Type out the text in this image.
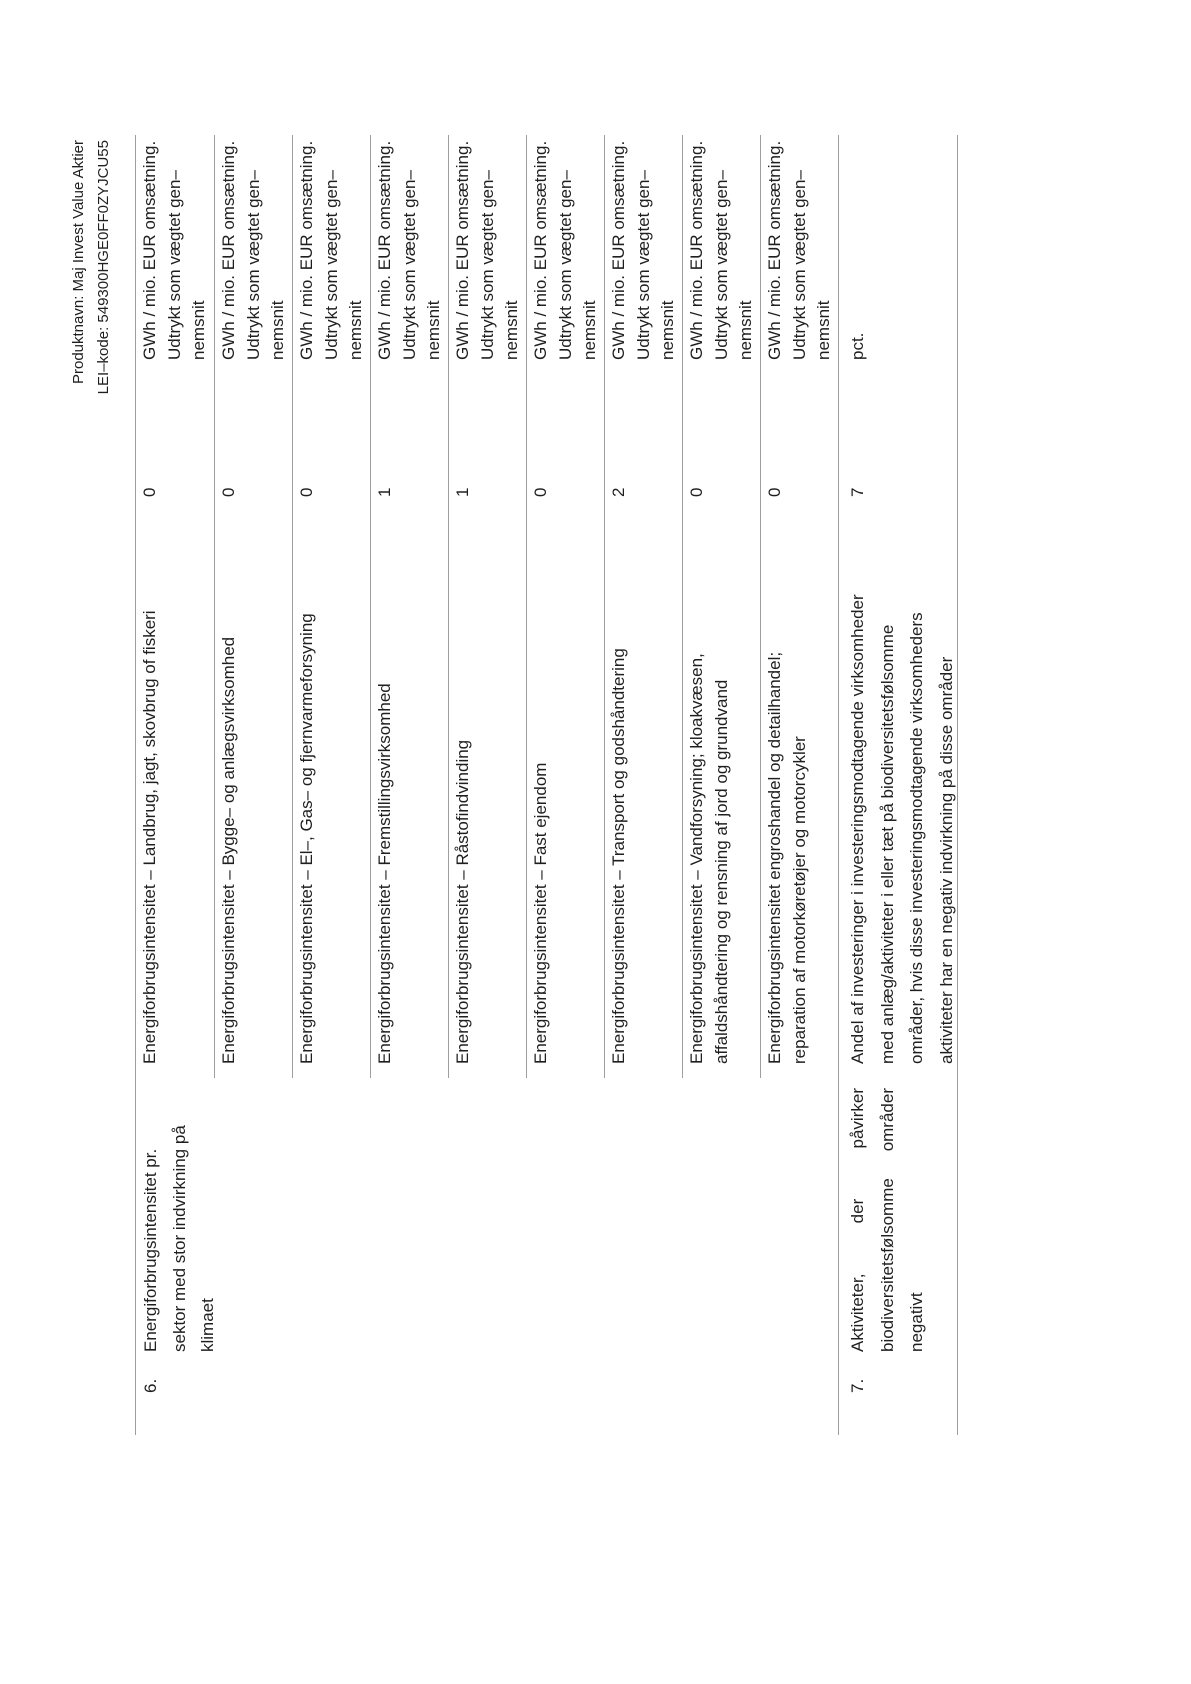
Produktnavn: Maj Invest Value Aktier LEI–kode: 549300HGE0FF0ZYJCU55
6.
Energiforbrugsintensitet pr. sektor med stor indvirkning på klimaet
Energiforbrugsintensitet – Landbrug, jagt, skovbrug of fiskeri
0
GWh / mio. EUR omsætning. Udtrykt som vægtet gen– nemsnit
Energiforbrugsintensitet – Bygge– og anlægsvirksomhed
0
GWh / mio. EUR omsætning. Udtrykt som vægtet gen– nemsnit
Energiforbrugsintensitet – El–, Gas– og fjernvarmeforsyning
0
GWh / mio. EUR omsætning. Udtrykt som vægtet gen– nemsnit
Energiforbrugsintensitet – Fremstillingsvirksomhed
1
GWh / mio. EUR omsætning. Udtrykt som vægtet gen– nemsnit
Energiforbrugsintensitet – Råstofindvinding
1
GWh / mio. EUR omsætning. Udtrykt som vægtet gen– nemsnit
Energiforbrugsintensitet – Fast ejendom
0
GWh / mio. EUR omsætning. Udtrykt som vægtet gen– nemsnit
Energiforbrugsintensitet – Transport og godshåndtering
2
GWh / mio. EUR omsætning. Udtrykt som vægtet gen– nemsnit
Energiforbrugsintensitet – Vandforsyning; kloakvæsen, affaldshåndtering og rensning af jord og grundvand
0
GWh / mio. EUR omsætning. Udtrykt som vægtet gen– nemsnit
Energiforbrugsintensitet engroshandel og detailhandel; reparation af motorkøretøjer og motorcykler
0
GWh / mio. EUR omsætning. Udtrykt som vægtet gen– nemsnit
7.
Aktiviteter, der påvirker biodiversitetsfølsomme områder negativt
Andel af investeringer i investeringsmodtagende virksomheder med anlæg/aktiviteter i eller tæt på biodiversitetsfølsomme områder, hvis disse investeringsmodtagende virksomheders aktiviteter har en negativ indvirkning på disse områder
7
pct.
